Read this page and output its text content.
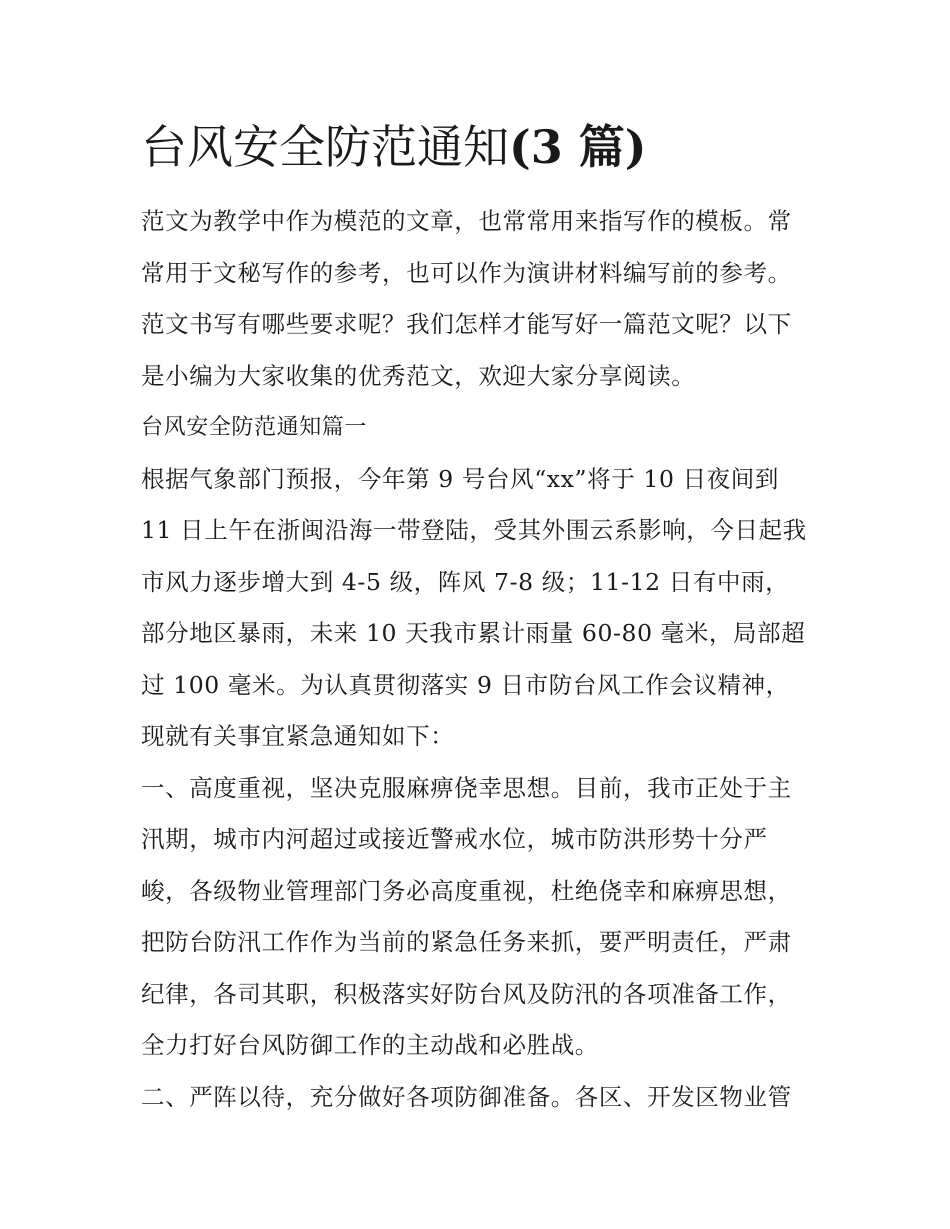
台风安全防范通知(3 篇)

范文为教学中作为模范的文章，也常常用来指写作的模板。常常用于文秘写作的参考，也可以作为演讲材料编写前的参考。范文书写有哪些要求呢？我们怎样才能写好一篇范文呢？以下是小编为大家收集的优秀范文，欢迎大家分享阅读。

台风安全防范通知篇一

根据气象部门预报，今年第 9 号台风“xx”将于 10 日夜间到 11 日上午在浙闽沿海一带登陆，受其外围云系影响，今日起我市风力逐步增大到 4-5 级，阵风 7-8 级；11-12 日有中雨，部分地区暴雨，未来 10 天我市累计雨量 60-80 毫米，局部超过 100 毫米。为认真贯彻落实 9 日市防台风工作会议精神，现就有关事宜紧急通知如下：

一、高度重视，坚决克服麻痹侥幸思想。目前，我市正处于主汛期，城市内河超过或接近警戒水位，城市防洪形势十分严峻，各级物业管理部门务必高度重视，杜绝侥幸和麻痹思想，把防台防汛工作作为当前的紧急任务来抓，要严明责任，严肃纪律，各司其职，积极落实好防台风及防汛的各项准备工作，全力打好台风防御工作的主动战和必胜战。

二、严阵以待，充分做好各项防御准备。各区、开发区物业管
